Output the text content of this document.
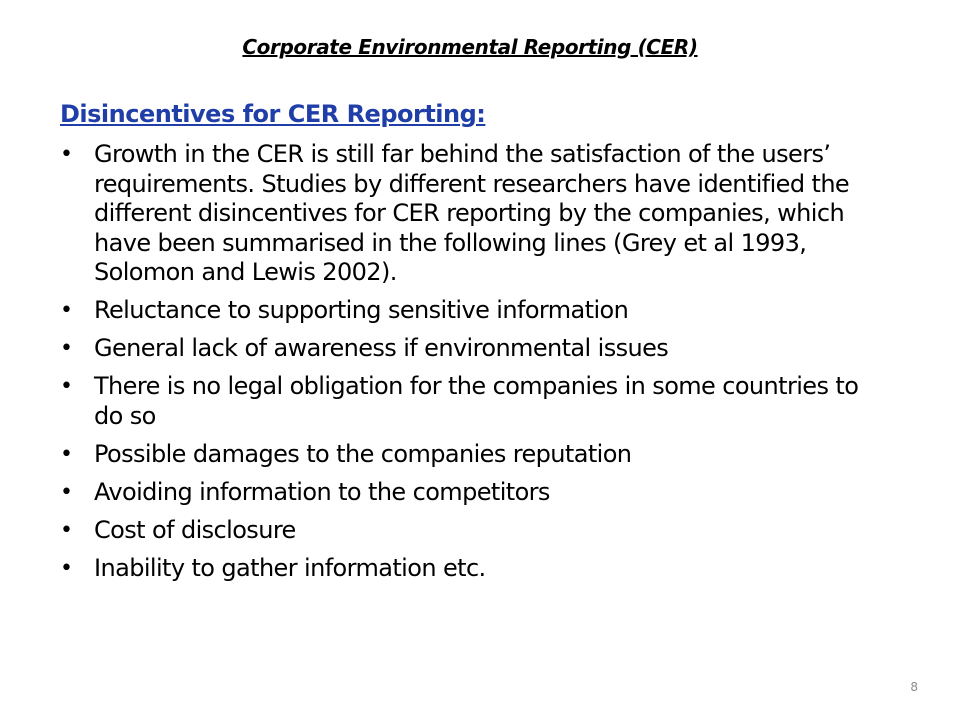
Corporate Environmental Reporting (CER)
Disincentives for CER Reporting:
• Growth in the CER is still far behind the satisfaction of the users’ requirements. Studies by different researchers have identified the different disincentives for CER reporting by the companies, which have been summarised in the following lines (Grey et al 1993, Solomon and Lewis 2002).
• Reluctance to supporting sensitive information
• General lack of awareness if environmental issues
• There is no legal obligation for the companies in some countries to do so
• Possible damages to the companies reputation
• Avoiding information to the competitors
• Cost of disclosure
• Inability to gather information etc.
8
